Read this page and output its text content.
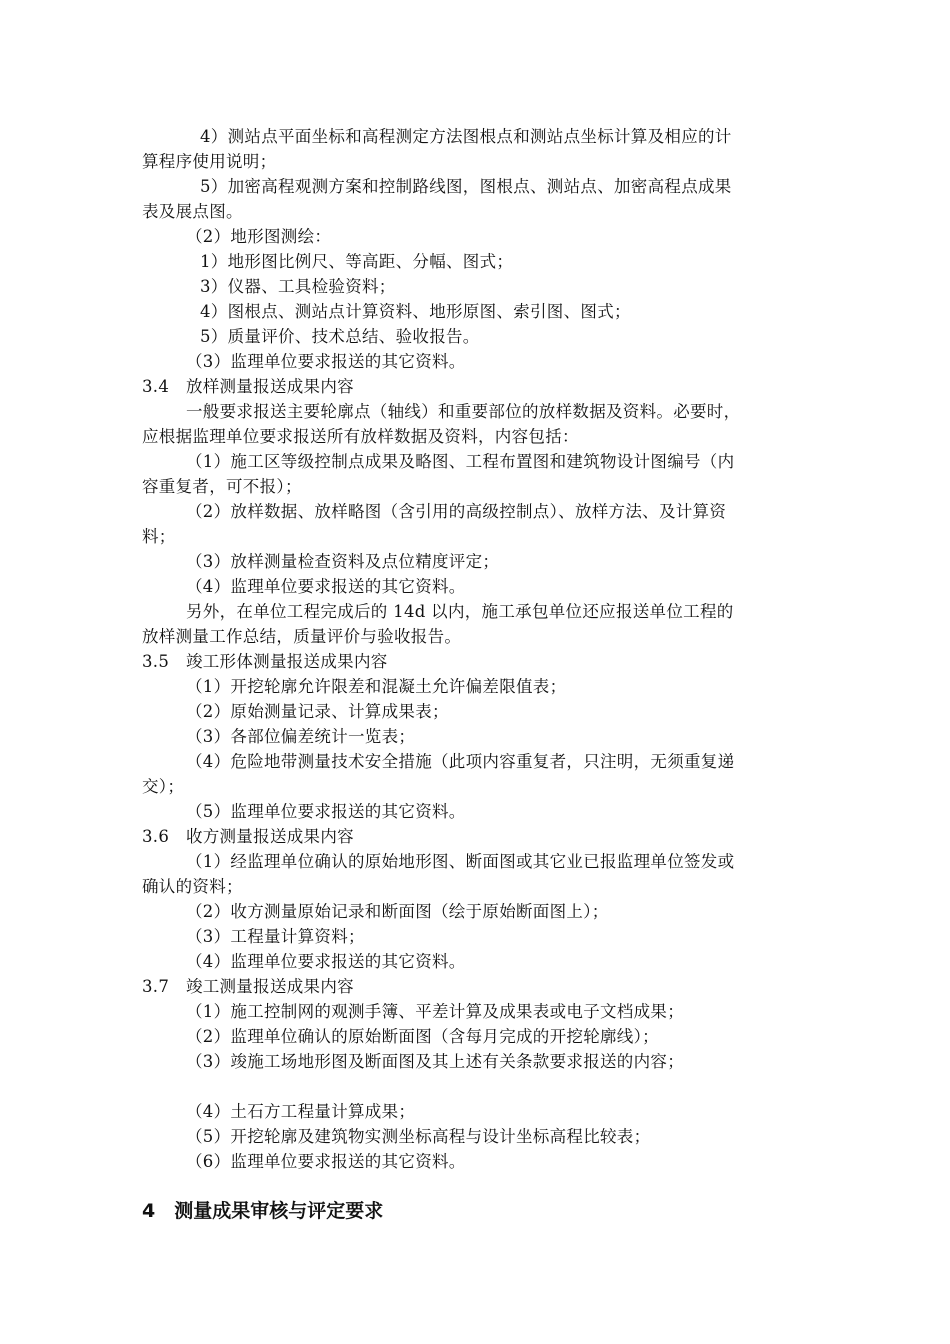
4）测站点平面坐标和高程测定方法图根点和测站点坐标计算及相应的计
算程序使用说明；
5）加密高程观测方案和控制路线图，图根点、测站点、加密高程点成果
表及展点图。
（2）地形图测绘：
1）地形图比例尺、等高距、分幅、图式；
3）仪器、工具检验资料；
4）图根点、测站点计算资料、地形原图、索引图、图式；
5）质量评价、技术总结、验收报告。
（3）监理单位要求报送的其它资料。
3.4　放样测量报送成果内容
一般要求报送主要轮廓点（轴线）和重要部位的放样数据及资料。必要时，
应根据监理单位要求报送所有放样数据及资料，内容包括：
（1）施工区等级控制点成果及略图、工程布置图和建筑物设计图编号（内
容重复者，可不报）；
（2）放样数据、放样略图（含引用的高级控制点）、放样方法、及计算资
料；
（3）放样测量检查资料及点位精度评定；
（4）监理单位要求报送的其它资料。
另外，在单位工程完成后的 14d 以内，施工承包单位还应报送单位工程的
放样测量工作总结，质量评价与验收报告。
3.5　竣工形体测量报送成果内容
（1）开挖轮廓允许限差和混凝土允许偏差限值表；
（2）原始测量记录、计算成果表；
（3）各部位偏差统计一览表；
（4）危险地带测量技术安全措施（此项内容重复者，只注明，无须重复递
交）；
（5）监理单位要求报送的其它资料。
3.6　收方测量报送成果内容
（1）经监理单位确认的原始地形图、断面图或其它业已报监理单位签发或
确认的资料；
（2）收方测量原始记录和断面图（绘于原始断面图上）；
（3）工程量计算资料；
（4）监理单位要求报送的其它资料。
3.7　竣工测量报送成果内容
（1）施工控制网的观测手簿、平差计算及成果表或电子文档成果；
（2）监理单位确认的原始断面图（含每月完成的开挖轮廓线）；
（3）竣施工场地形图及断面图及其上述有关条款要求报送的内容；
（4）土石方工程量计算成果；
（5）开挖轮廓及建筑物实测坐标高程与设计坐标高程比较表；
（6）监理单位要求报送的其它资料。
4　测量成果审核与评定要求
